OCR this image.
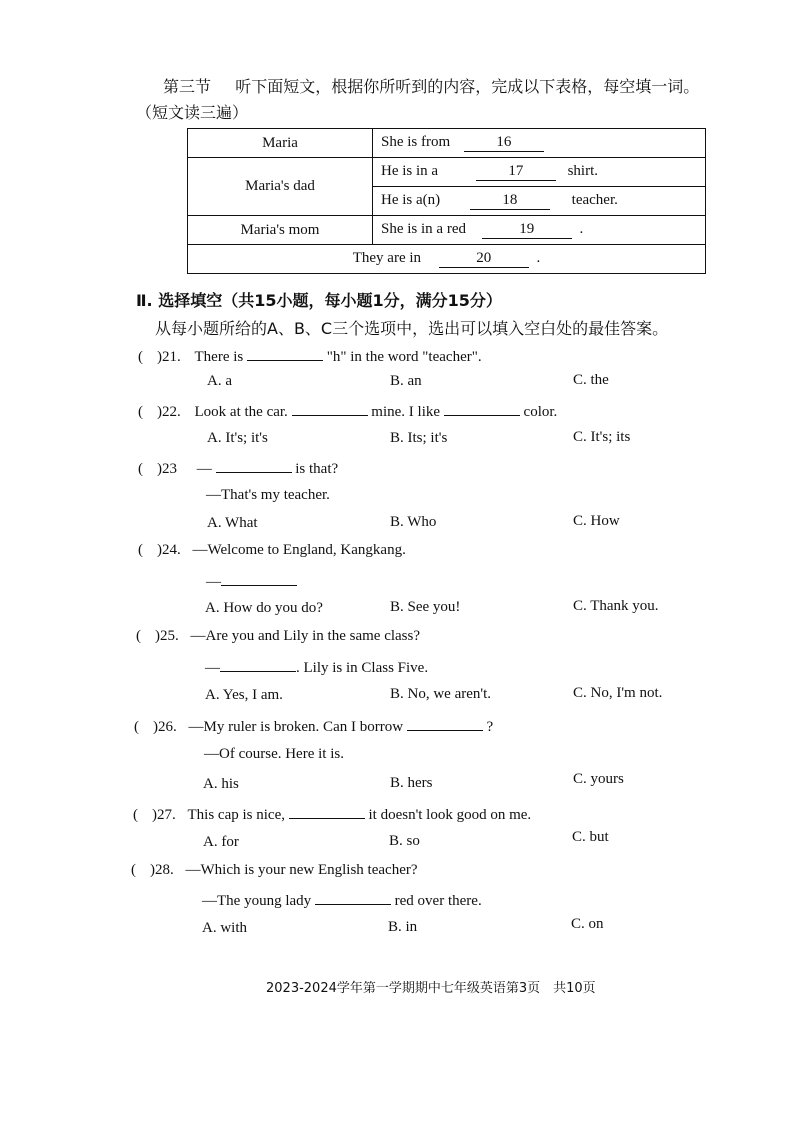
第三节 听下面短文，根据你所听到的内容，完成以下表格，每空填一词。
（短文读三遍）
Maria	She is from 16
Maria's dad	He is in a 17 shirt.
	He is a(n) 18 teacher.
Maria's mom	She is in a red 19 .
They are in 20 .	
Ⅱ. 选择填空（共15小题，每小题1分，满分15分）
从每小题所给的A、B、C三个选项中，选出可以填入空白处的最佳答案。
( )21. There is	"h" in the word "teacher".
A. a	B. an	C. the
( )22. Look at the car.	mine. I like	color.
A. It's; it's	B. Its; it's	C. It's; its
( )23 —	is that?
—That's my teacher.
A. What	B. Who	C. How
( )24. —Welcome to England, Kangkang.
—
A. How do you do?	B. See you!	C. Thank you.
( )25. —Are you and Lily in the same class?
—	. Lily is in Class Five.
A. Yes, I am.	B. No, we aren't.	C. No, I'm not.
( )26. —My ruler is broken. Can I borrow	?
—Of course. Here it is.
A. his	B. hers	C. yours
( )27. This cap is nice,	it doesn't look good on me.
A. for	B. so	C. but
( )28. —Which is your new English teacher?
—The young lady	red over there.
A. with	B. in	C. on
2023-2024学年第一学期期中七年级英语第3页　共10页
